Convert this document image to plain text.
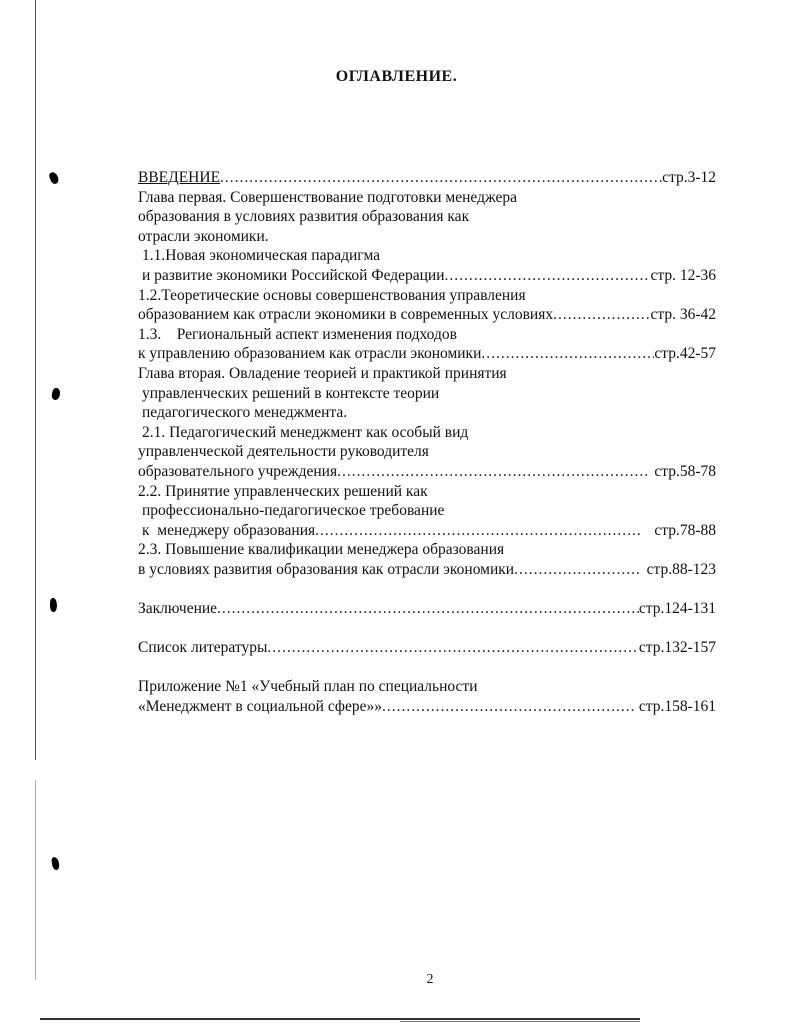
ОГЛАВЛЕНИЕ.
ВВЕДЕНИЕ .....	стр.3-12
Глава первая. Совершенствование подготовки менеджера
образования в условиях развития образования как
отрасли экономики.
1.1.Новая экономическая парадигма
и развитие экономики Российской Федерации .....	стр. 12-36
1.2.Теоретические основы совершенствования управления
образованием как отрасли экономики в современных условиях .....	стр. 36-42
1.3.    Региональный аспект изменения подходов
к управлению образованием как отрасли экономики .....	стр.42-57
Глава вторая. Овладение теорией и практикой принятия
управленческих решений в контексте теории
педагогического менеджмента.
2.1. Педагогический менеджмент как особый вид
управленческой деятельности руководителя
образовательного учреждения .....	стр.58-78
2.2. Принятие управленческих решений как
профессионально-педагогическое требование
к  менеджеру образования .....	стр.78-88
2.3. Повышение квалификации менеджера образования
в условиях развития образования как отрасли экономики .....	стр.88-123
Заключение .....	стр.124-131
Список литературы .....	стр.132-157
Приложение №1 «Учебный план по специальности
«Менеджмент в социальной сфере»» .....	стр.158-161
2
